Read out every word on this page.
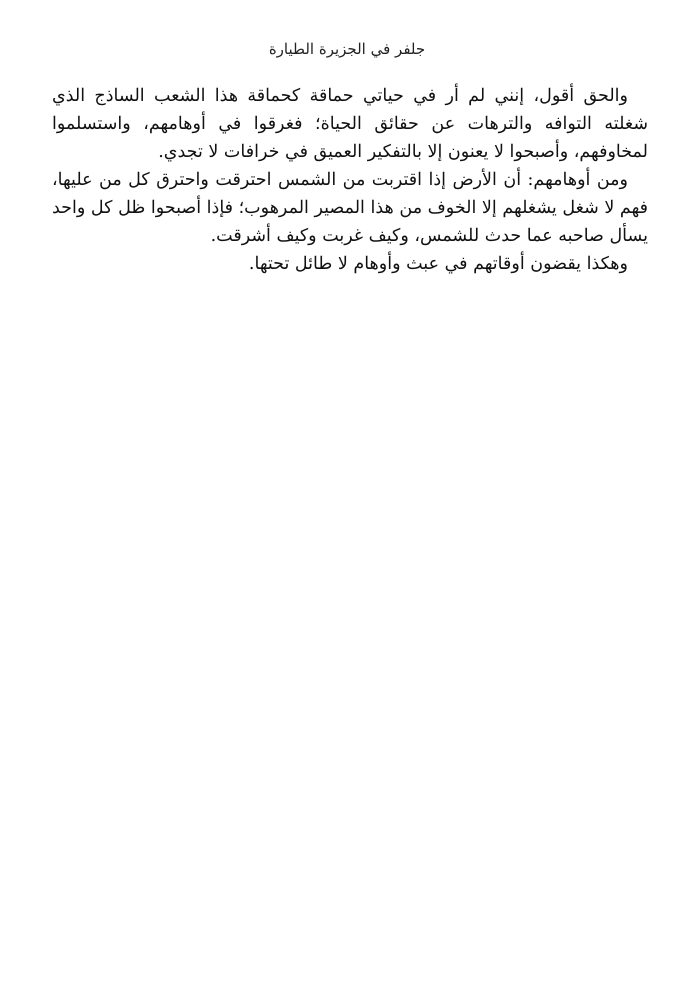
جلفر في الجزيرة الطيارة

والحق أقول، إنني لم أر في حياتي حماقة كحماقة هذا الشعب الساذج الذي شغلته التوافه والترهات عن حقائق الحياة؛ فغرقوا في أوهامهم، واستسلموا لمخاوفهم، وأصبحوا لا يعنون إلا بالتفكير العميق في خرافات لا تجدي.

ومن أوهامهم: أن الأرض إذا اقتربت من الشمس احترقت واحترق كل من عليها، فهم لا شغل يشغلهم إلا الخوف من هذا المصير المرهوب؛ فإذا أصبحوا ظل كل واحد يسأل صاحبه عما حدث للشمس، وكيف غربت وكيف أشرقت.

وهكذا يقضون أوقاتهم في عبث وأوهام لا طائل تحتها.
